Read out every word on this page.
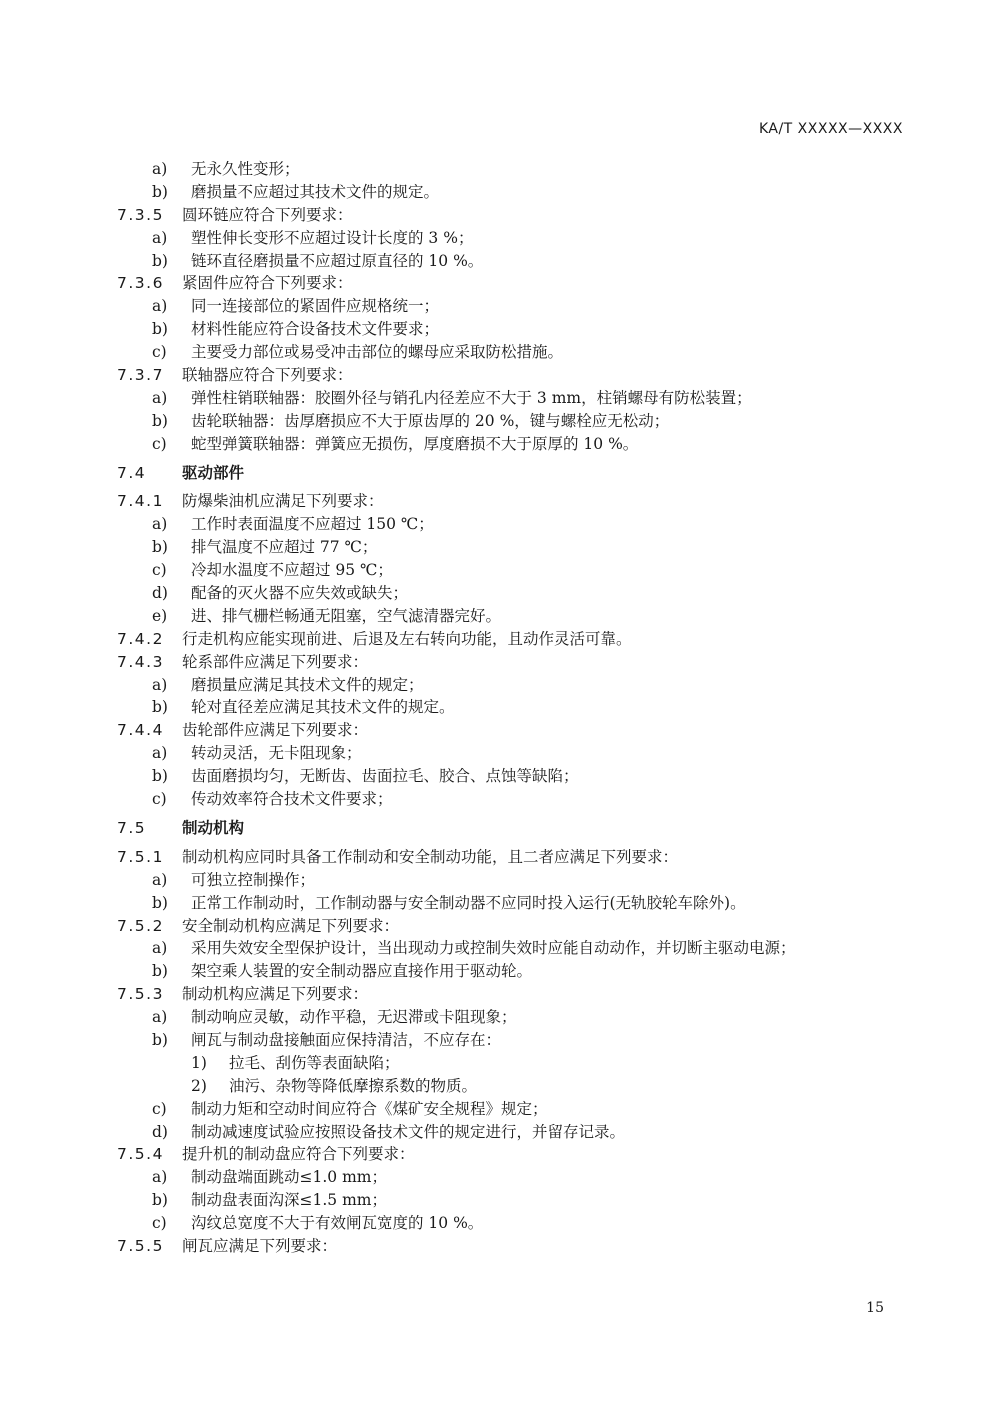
KA/T XXXXX—XXXX
a) 无永久性变形；
b) 磨损量不应超过其技术文件的规定。
7.3.5 圆环链应符合下列要求：
a) 塑性伸长变形不应超过设计长度的 3 %；
b) 链环直径磨损量不应超过原直径的 10 %。
7.3.6 紧固件应符合下列要求：
a) 同一连接部位的紧固件应规格统一；
b) 材料性能应符合设备技术文件要求；
c) 主要受力部位或易受冲击部位的螺母应采取防松措施。
7.3.7 联轴器应符合下列要求：
a) 弹性柱销联轴器：胶圈外径与销孔内径差应不大于 3 mm，柱销螺母有防松装置；
b) 齿轮联轴器：齿厚磨损应不大于原齿厚的 20 %，键与螺栓应无松动；
c) 蛇型弹簧联轴器：弹簧应无损伤，厚度磨损不大于原厚的 10 %。
7.4 驱动部件
7.4.1 防爆柴油机应满足下列要求：
a) 工作时表面温度不应超过 150 ℃；
b) 排气温度不应超过 77 ℃；
c) 冷却水温度不应超过 95 ℃；
d) 配备的灭火器不应失效或缺失；
e) 进、排气栅栏畅通无阻塞，空气滤清器完好。
7.4.2 行走机构应能实现前进、后退及左右转向功能，且动作灵活可靠。
7.4.3 轮系部件应满足下列要求：
a) 磨损量应满足其技术文件的规定；
b) 轮对直径差应满足其技术文件的规定。
7.4.4 齿轮部件应满足下列要求：
a) 转动灵活，无卡阻现象；
b) 齿面磨损均匀，无断齿、齿面拉毛、胶合、点蚀等缺陷；
c) 传动效率符合技术文件要求；
7.5 制动机构
7.5.1 制动机构应同时具备工作制动和安全制动功能，且二者应满足下列要求：
a) 可独立控制操作；
b) 正常工作制动时，工作制动器与安全制动器不应同时投入运行(无轨胶轮车除外)。
7.5.2 安全制动机构应满足下列要求：
a) 采用失效安全型保护设计，当出现动力或控制失效时应能自动动作，并切断主驱动电源；
b) 架空乘人装置的安全制动器应直接作用于驱动轮。
7.5.3 制动机构应满足下列要求：
a) 制动响应灵敏，动作平稳，无迟滞或卡阻现象；
b) 闸瓦与制动盘接触面应保持清洁，不应存在：
1) 拉毛、刮伤等表面缺陷；
2) 油污、杂物等降低摩擦系数的物质。
c) 制动力矩和空动时间应符合《煤矿安全规程》规定；
d) 制动减速度试验应按照设备技术文件的规定进行，并留存记录。
7.5.4 提升机的制动盘应符合下列要求：
a) 制动盘端面跳动≤1.0 mm；
b) 制动盘表面沟深≤1.5 mm；
c) 沟纹总宽度不大于有效闸瓦宽度的 10 %。
7.5.5 闸瓦应满足下列要求：
15
